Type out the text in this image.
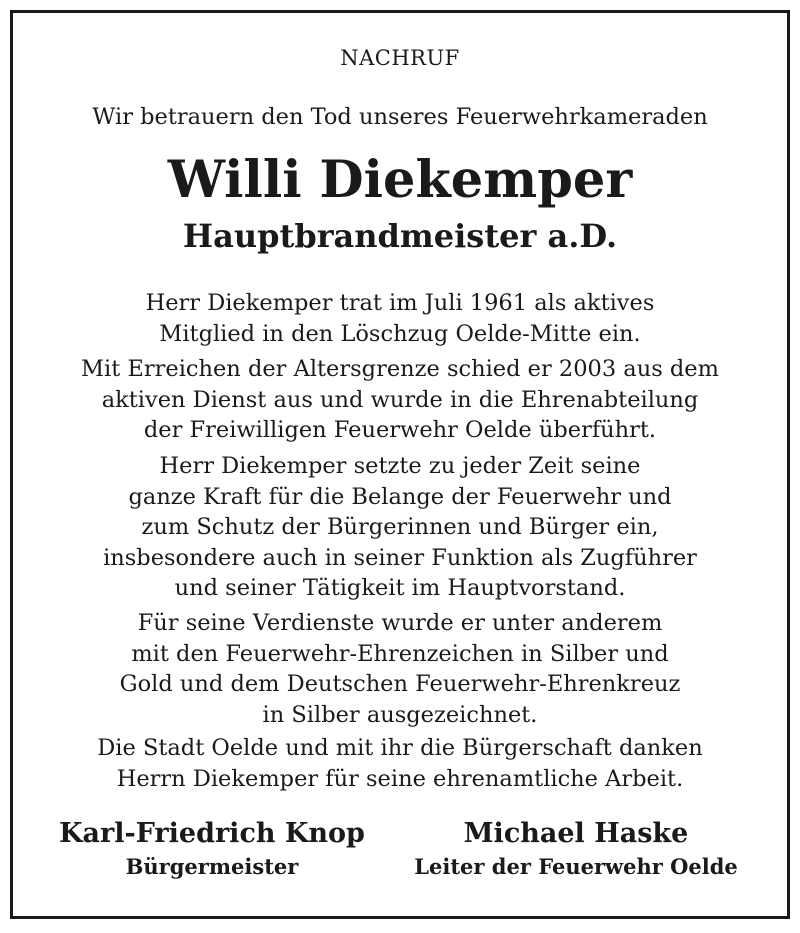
NACHRUF
Wir betrauern den Tod unseres Feuerwehrkameraden
Willi Diekemper
Hauptbrandmeister a.D.
Herr Diekemper trat im Juli 1961 als aktives
Mitglied in den Löschzug Oelde-Mitte ein.
Mit Erreichen der Altersgrenze schied er 2003 aus dem
aktiven Dienst aus und wurde in die Ehrenabteilung
der Freiwilligen Feuerwehr Oelde überführt.
Herr Diekemper setzte zu jeder Zeit seine
ganze Kraft für die Belange der Feuerwehr und
zum Schutz der Bürgerinnen und Bürger ein,
insbesondere auch in seiner Funktion als Zugführer
und seiner Tätigkeit im Hauptvorstand.
Für seine Verdienste wurde er unter anderem
mit den Feuerwehr-Ehrenzeichen in Silber und
Gold und dem Deutschen Feuerwehr-Ehrenkreuz
in Silber ausgezeichnet.
Die Stadt Oelde und mit ihr die Bürgerschaft danken
Herrn Diekemper für seine ehrenamtliche Arbeit.
Karl-Friedrich Knop
Bürgermeister
Michael Haske
Leiter der Feuerwehr Oelde
